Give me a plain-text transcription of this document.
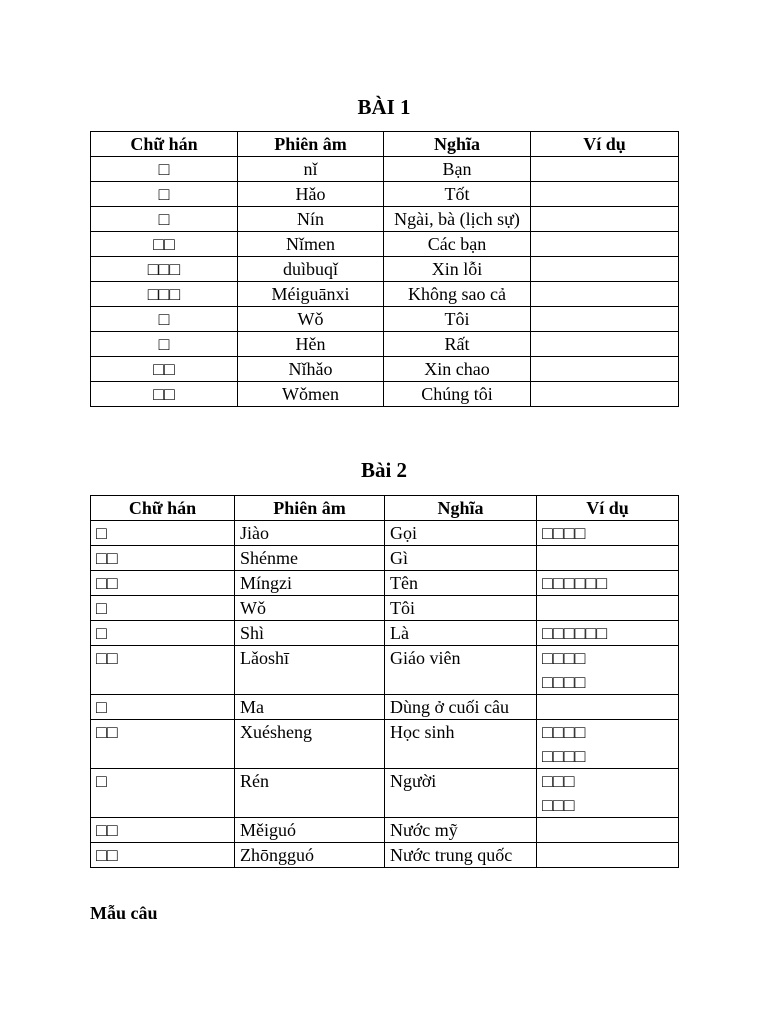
BÀI 1
Chữ hán	Phiên âm	Nghĩa	Ví dụ
□	nǐ	Bạn	
□	Hǎo	Tốt	
□	Nín	Ngài, bà (lịch sự)	
□□	Nǐmen	Các bạn	
□□□	duìbuqǐ	Xin lỗi	
□□□	Méiguānxi	Không sao cả	
□	Wǒ	Tôi	
□	Hěn	Rất	
□□	Nǐhǎo	Xin chao	
□□	Wǒmen	Chúng tôi	
Bài 2
Chữ hán	Phiên âm	Nghĩa	Ví dụ
□	Jiào	Gọi	□□□□

□□	Shénme	Gì	
□□	Míngzi	Tên	□□□□□□

□	Wǒ	Tôi	
□	Shì	Là	□□□□□□

□□	Lǎoshī	Giáo viên	□□□□
□□□□

□	Ma	Dùng ở cuối câu	
□□	Xuésheng	Học sinh	□□□□
□□□□

□	Rén	Người	□□□
□□□

□□	Měiguó	Nước mỹ	
□□	Zhōngguó	Nước trung quốc	
Mẫu câu
